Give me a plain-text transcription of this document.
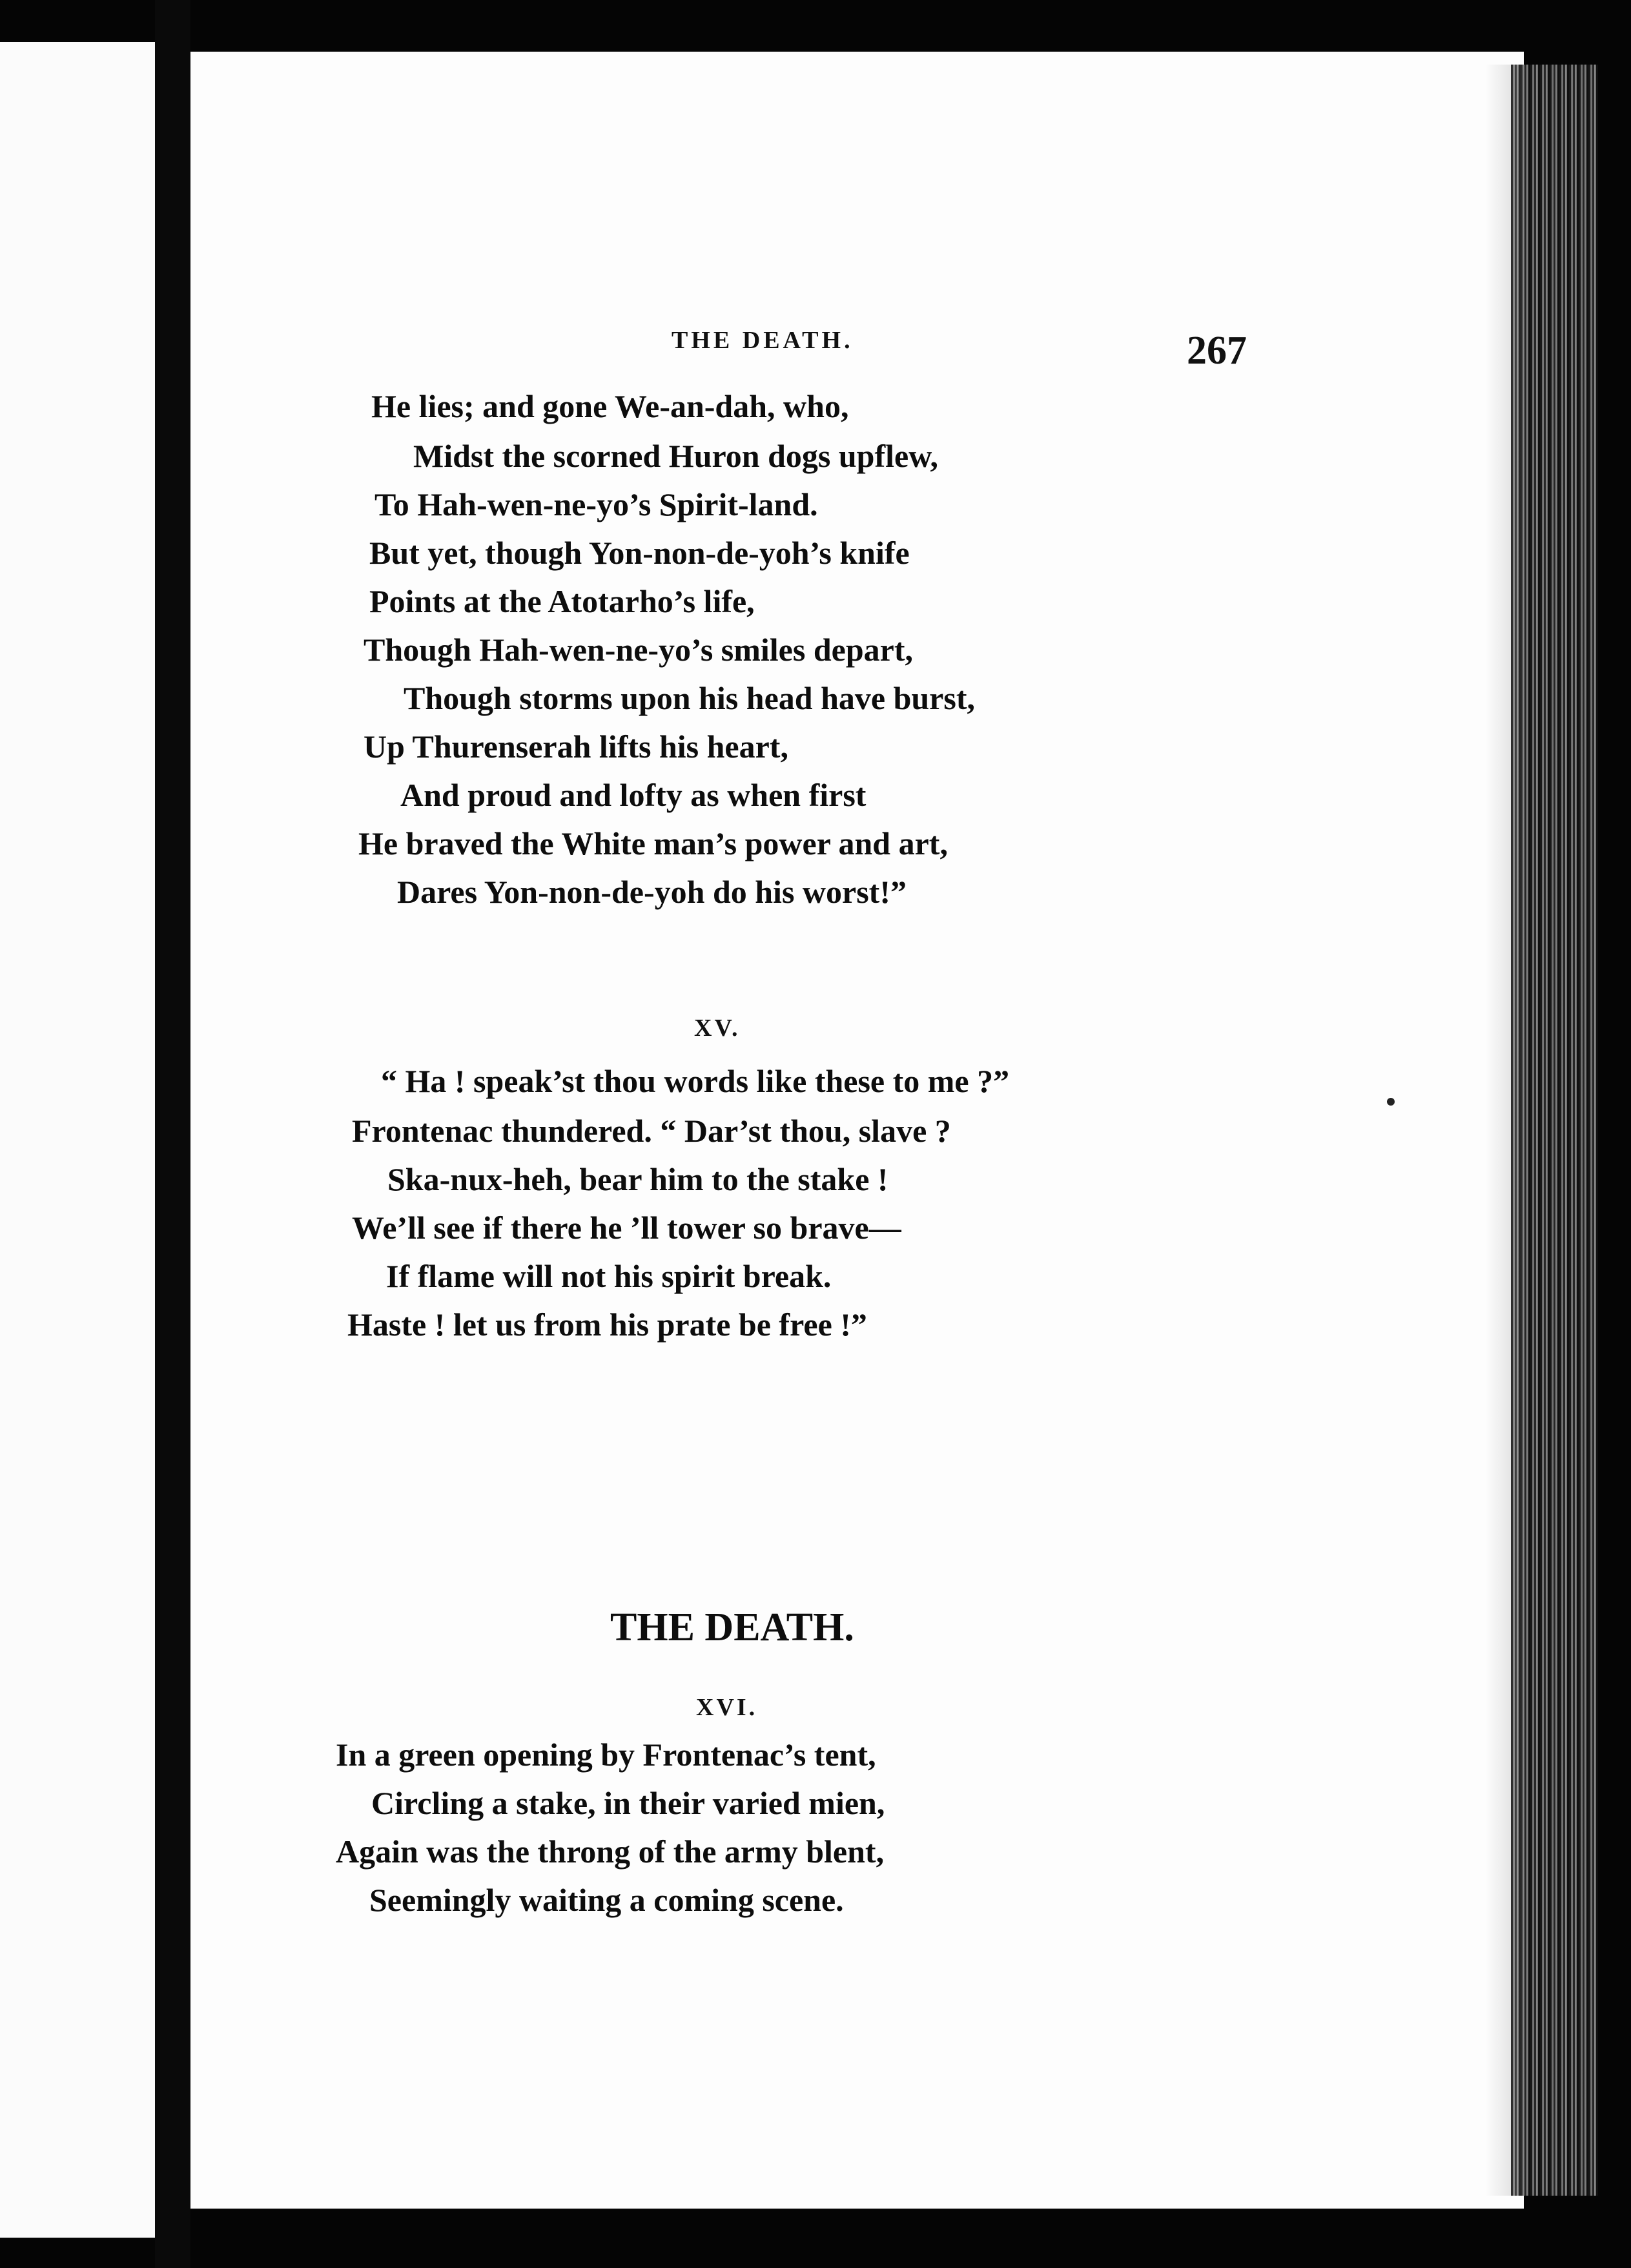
THE DEATH.	267
He lies; and gone We-an-dah, who,
Midst the scorned Huron dogs upflew,
To Hah-wen-ne-yo’s Spirit-land.
But yet, though Yon-non-de-yoh’s knife
Points at the Atotarho’s life,
Though Hah-wen-ne-yo’s smiles depart,
Though storms upon his head have burst,
Up Thurenserah lifts his heart,
And proud and lofty as when first
He braved the White man’s power and art,
Dares Yon-non-de-yoh do his worst!”
XV.
“ Ha ! speak’st thou words like these to me ?”
Frontenac thundered. “ Dar’st thou, slave ?
Ska-nux-heh, bear him to the stake !
We’ll see if there he ’ll tower so brave—
If flame will not his spirit break.
Haste ! let us from his prate be free !”
THE DEATH.
XVI.
In a green opening by Frontenac’s tent,
Circling a stake, in their varied mien,
Again was the throng of the army blent,
Seemingly waiting a coming scene.
